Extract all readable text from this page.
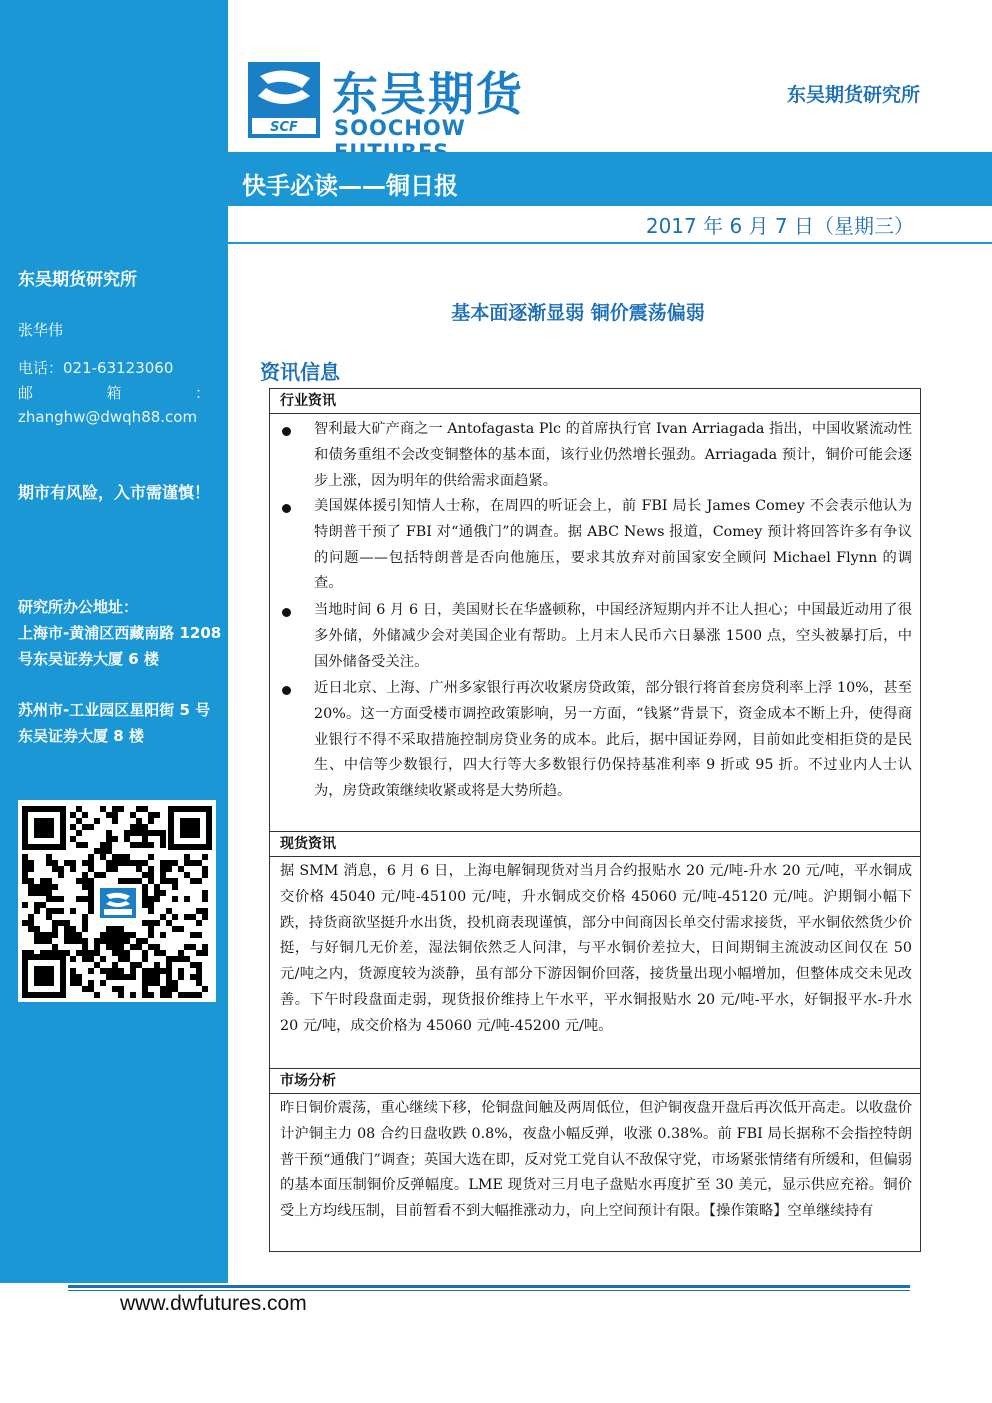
东吴期货研究所
张华伟
电话：021-63123060
邮	箱	：
zhanghw@dwqh88.com
期市有风险，入市需谨慎！
研究所办公地址：
上海市-黄浦区西藏南路 1208 号东吴证券大厦 6 楼
苏州市-工业园区星阳街 5 号东吴证券大厦 8 楼
SCF
东吴期货
SOOCHOW
东吴期货研究所
快手必读——铜日报
2017 年 6 月 7 日（星期三）
基本面逐渐显弱 铜价震荡偏弱
资讯信息
行业资讯
智利最大矿产商之一 Antofagasta Plc 的首席执行官 Ivan Arriagada 指出，中国收紧流动性和债务重组不会改变铜整体的基本面，该行业仍然增长强劲。Arriagada 预计，铜价可能会逐步上涨，因为明年的供给需求面趋紧。
美国媒体援引知情人士称，在周四的听证会上，前 FBI 局长 James Comey 不会表示他认为特朗普干预了 FBI 对“通俄门”的调查。据 ABC News 报道，Comey 预计将回答许多有争议的问题——包括特朗普是否向他施压，要求其放弃对前国家安全顾问 Michael Flynn 的调查。
当地时间 6 月 6 日，美国财长在华盛顿称，中国经济短期内并不让人担心；中国最近动用了很多外储，外储减少会对美国企业有帮助。上月末人民币六日暴涨 1500 点，空头被暴打后，中国外储备受关注。
近日北京、上海、广州多家银行再次收紧房贷政策，部分银行将首套房贷利率上浮 10%，甚至 20%。这一方面受楼市调控政策影响，另一方面，“钱紧”背景下，资金成本不断上升，使得商业银行不得不采取措施控制房贷业务的成本。此后，据中国证券网，目前如此变相拒贷的是民生、中信等少数银行，四大行等大多数银行仍保持基准利率 9 折或 95 折。不过业内人士认为，房贷政策继续收紧或将是大势所趋。
现货资讯
据 SMM 消息，6 月 6 日，上海电解铜现货对当月合约报贴水 20 元/吨-升水 20 元/吨，平水铜成交价格 45040 元/吨-45100 元/吨，升水铜成交价格 45060 元/吨-45120 元/吨。沪期铜小幅下跌，持货商欲坚挺升水出货，投机商表现谨慎，部分中间商因长单交付需求接货，平水铜依然货少价挺，与好铜几无价差，湿法铜依然乏人问津，与平水铜价差拉大，日间期铜主流波动区间仅在 50 元/吨之内，货源度较为淡静，虽有部分下游因铜价回落，接货量出现小幅增加，但整体成交未见改善。下午时段盘面走弱，现货报价维持上午水平，平水铜报贴水 20 元/吨-平水，好铜报平水-升水 20 元/吨，成交价格为 45060 元/吨-45200 元/吨。
市场分析
昨日铜价震荡，重心继续下移，伦铜盘间触及两周低位，但沪铜夜盘开盘后再次低开高走。以收盘价计沪铜主力 08 合约日盘收跌 0.8%，夜盘小幅反弹，收涨 0.38%。前 FBI 局长据称不会指控特朗普干预“通俄门”调查；英国大选在即，反对党工党自认不敌保守党，市场紧张情绪有所缓和，但偏弱的基本面压制铜价反弹幅度。LME 现货对三月电子盘贴水再度扩至 30 美元，显示供应充裕。铜价受上方均线压制，目前暂看不到大幅推涨动力，向上空间预计有限。【操作策略】空单继续持有
www.dwfutures.com
